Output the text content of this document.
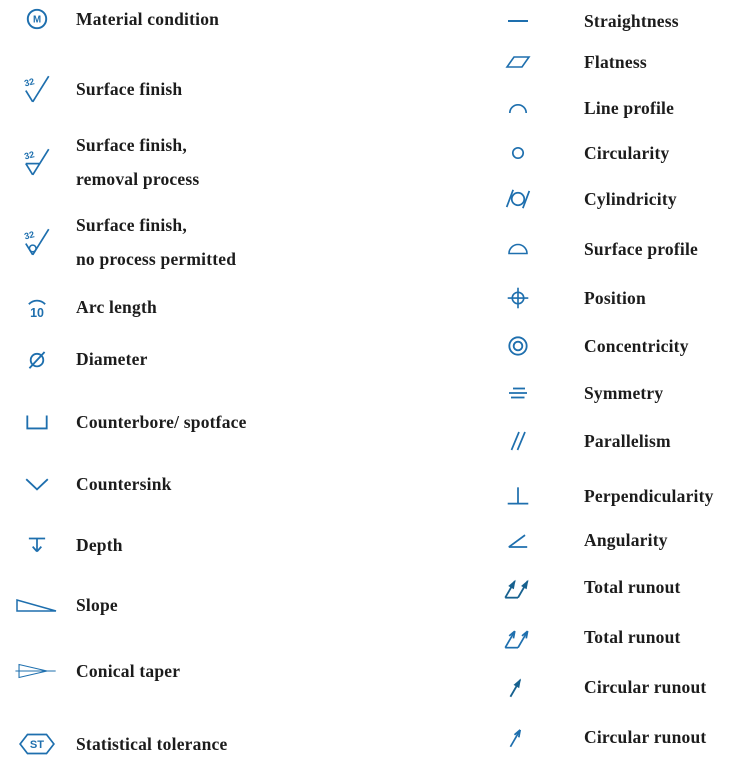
M Material condition
32 Surface finish
32
Surface finish,
removal process
32
Surface finish,
no process permitted
10 Arc length
Diameter
Counterbore/ spotface
Countersink
Depth
Slope
Conical taper
ST Statistical tolerance
Straightness
Flatness
Line profile
Circularity
Cylindricity
Surface profile
Position
Concentricity
Symmetry
Parallelism
Perpendicularity
Angularity
Total runout
Total runout
Circular runout
Circular runout
